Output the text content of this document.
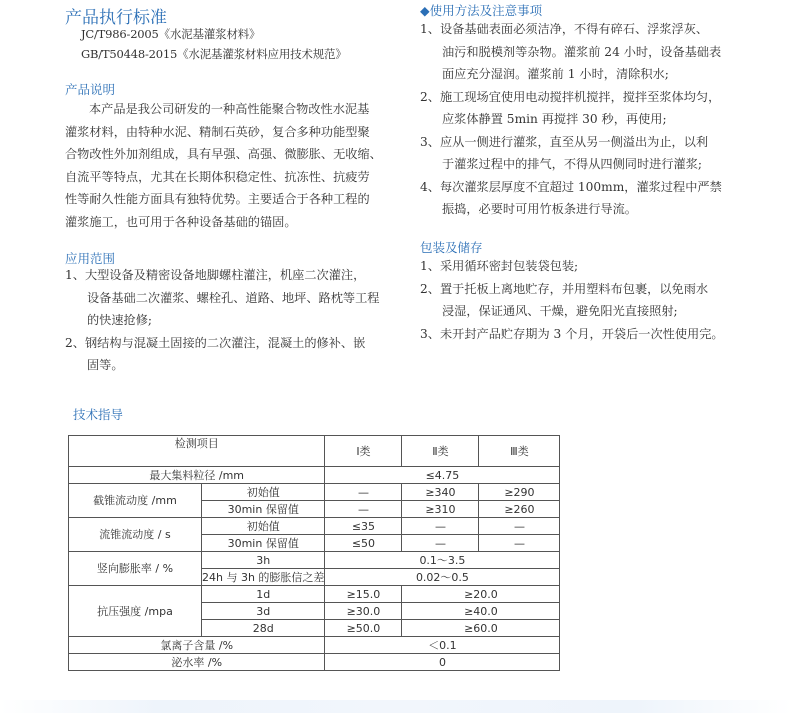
产品执行标准
JC/T986-2005《水泥基灌浆材料》
GB/T50448-2015《水泥基灌浆材料应用技术规范》
产品说明
本产品是我公司研发的一种高性能聚合物改性水泥基
灌浆材料，由特种水泥、精制石英砂，复合多种功能型聚
合物改性外加剂组成，具有早强、高强、微膨胀、无收缩、
自流平等特点，尤其在长期体积稳定性、抗冻性、抗疲劳
性等耐久性能方面具有独特优势。主要适合于各种工程的
灌浆施工，也可用于各种设备基础的锚固。
应用范围
1、大型设备及精密设备地脚螺柱灌注，机座二次灌注，
设备基础二次灌浆、螺栓孔、道路、地坪、路枕等工程
的快速抢修;
2、钢结构与混凝土固接的二次灌注，混凝土的修补、嵌
固等。
◆使用方法及注意事项
1、设备基础表面必须洁净，不得有碎石、浮浆浮灰、
油污和脱模剂等杂物。灌浆前 24 小时，设备基础表
面应充分湿润。灌浆前 1 小时，清除积水;
2、施工现场宜使用电动搅拌机搅拌，搅拌至浆体均匀，
应浆体静置 5min 再搅拌 30 秒，再使用;
3、应从一侧进行灌浆，直至从另一侧溢出为止，以利
于灌浆过程中的排气，不得从四侧同时进行灌浆;
4、每次灌浆层厚度不宜超过 100mm，灌浆过程中严禁
振捣，必要时可用竹板条进行导流。
包装及储存
1、采用循环密封包装袋包装;
2、置于托板上离地贮存，并用塑料布包裹，以免雨水
浸湿，保证通风、干燥，避免阳光直接照射;
3、未开封产品贮存期为 3 个月，开袋后一次性使用完。
技术指导
检测项目		Ⅰ类	Ⅱ类	Ⅲ类
最大集料粒径 /mm		≤4.75		
截锥流动度 /mm	初始值	—	≥340	≥290
	30min 保留值	—	≥310	≥260
流锥流动度 / s	初始值	≤35	—	—
	30min 保留值	≤50	—	—
竖向膨胀率 / %	3h	0.1～3.5		
	24h 与 3h 的膨胀信之差	0.02～0.5		
抗压强度 /mpa	1d	≥15.0	≥20.0	
	3d	≥30.0	≥40.0	
	28d	≥50.0	≥60.0	
氯离子含量 /%		＜0.1		
泌水率 /%		0		
